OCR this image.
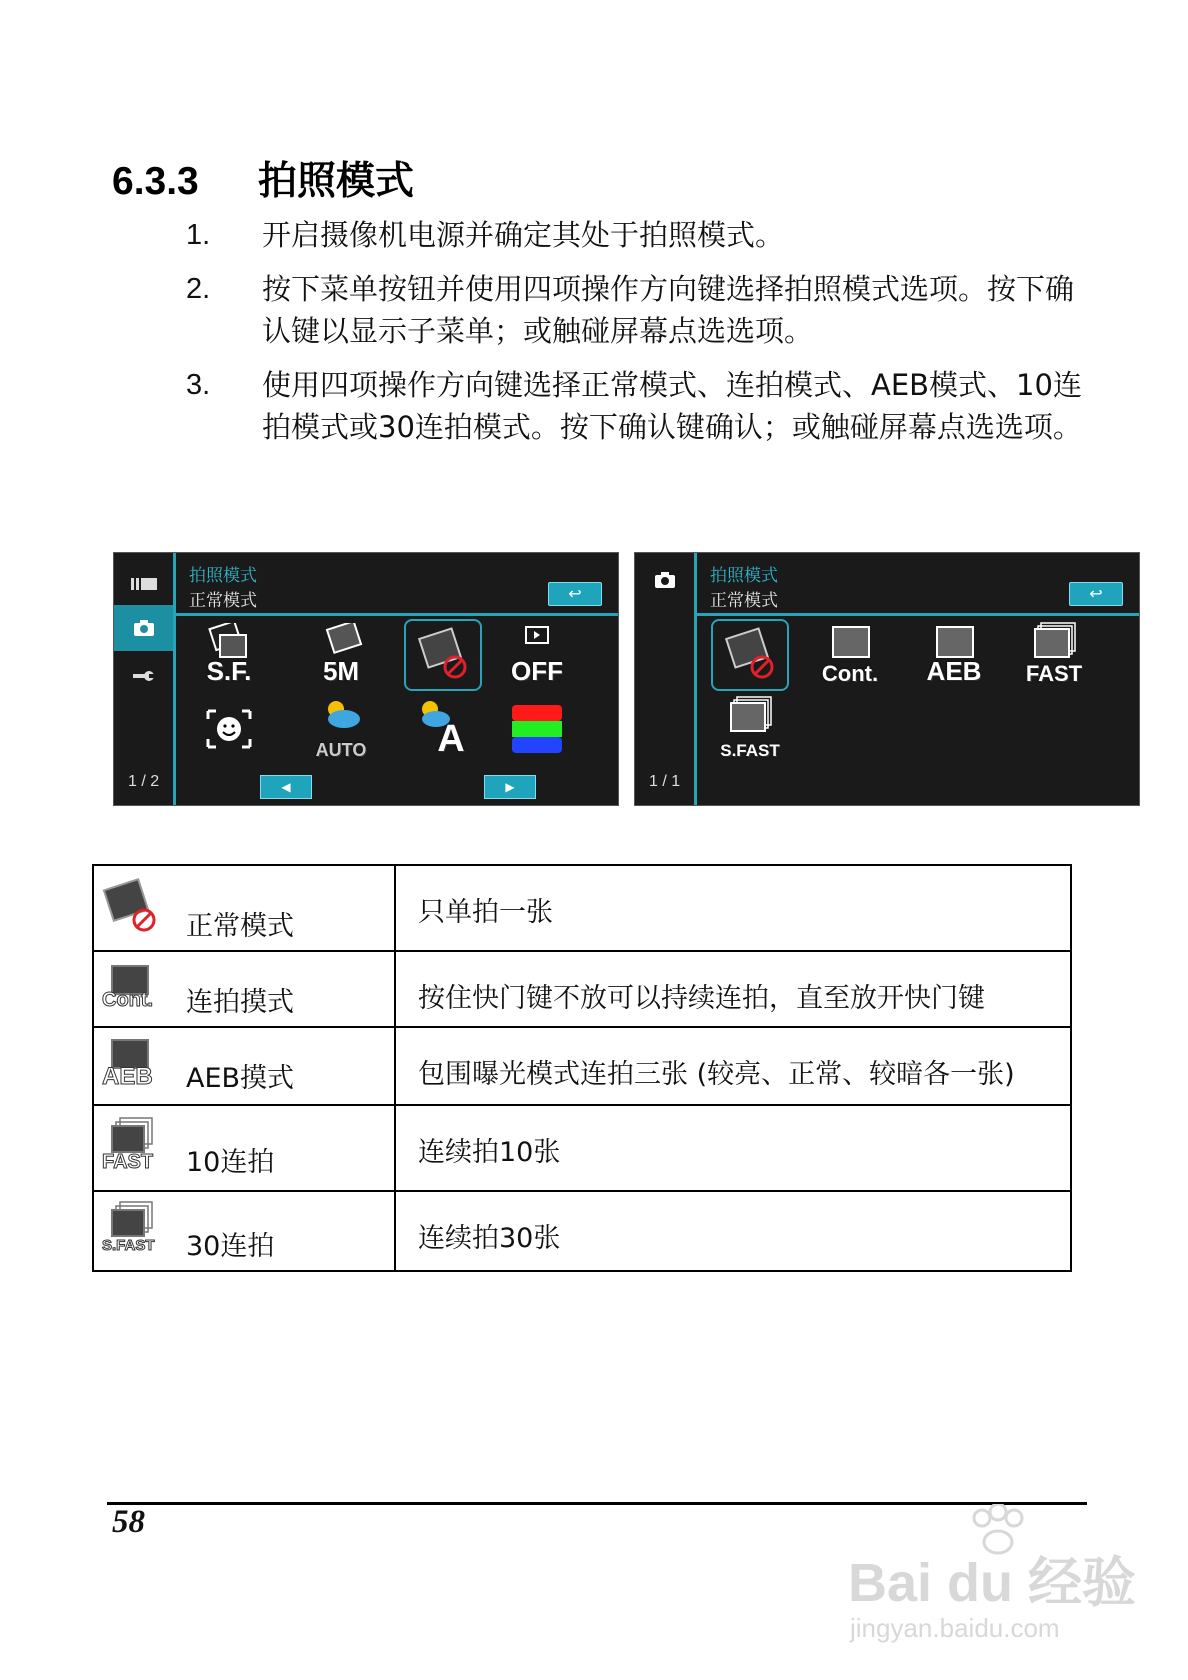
6.3.3 拍照模式
1. 开启摄像机电源并确定其处于拍照模式。
2. 按下菜单按钮并使用四项操作方向键选择拍照模式选项。按下确认键以显示子菜单；或触碰屏幕点选选项。
3. 使用四项操作方向键选择正常模式、连拍模式、AEB模式、10连拍模式或30连拍模式。按下确认键确认；或触碰屏幕点选选项。
1 / 2
拍照模式
正常模式	↩
S.F.	5M	OFF
AUTO	A
◀	▶	1 / 1
拍照模式
正常模式	↩
Cont.	AEB	FAST
S.FAST
正常模式	只单拍一张

Cont. 连拍摸式	按住快门键不放可以持续连拍，直至放开快门键

AEB AEB摸式	包围曝光模式连拍三张 (较亮、正常、较暗各一张)

FAST 10连拍	连续拍10张

S.FAST 30连拍	连续拍30张
58
Bai du 经验
jingyan.baidu.com
